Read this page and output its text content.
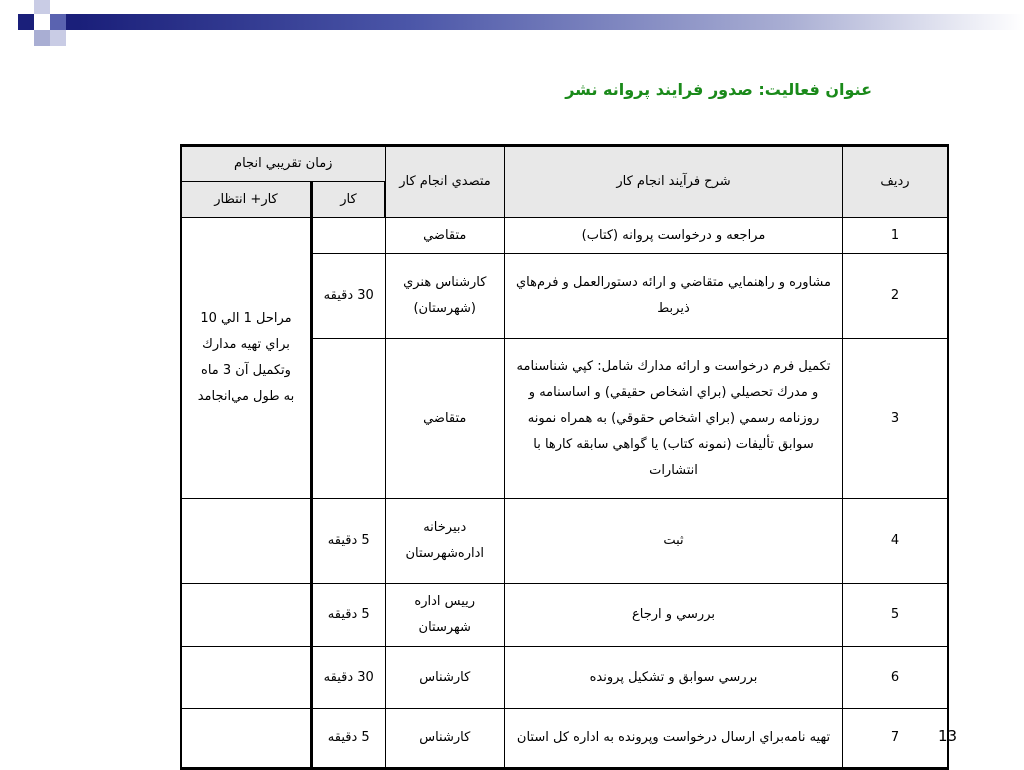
عنوان فعاليت: صدور فرايند پروانه نشر
رديف	شرح فرآيند انجام كار	متصدي انجام كار	زمان تقريبي انجام	
			كار	كار+ انتظار
1	مراجعه و درخواست پروانه (كتاب)	متقاضي		مراحل 1 الي 10 براي تهيه مدارك وتكميل آن 3 ماه به طول مي‌انجامد
2	مشاوره و راهنمايي متقاضي و ارائه دستورالعمل و فرم‌هاي ذيربط	كارشناس هنري (شهرستان)	30 دقيقه	
3	تكميل فرم درخواست و ارائه مدارك شامل: كپي شناسنامه و مدرك تحصيلي (براي اشخاص حقيقي) و اساسنامه و روزنامه رسمي (براي اشخاص حقوقي) به همراه نمونه سوابق تأليفات (نمونه كتاب) يا گواهي سابقه كارها با انتشارات	متقاضي		
4	ثبت	دبيرخانه اداره‌شهرستان	5 دقيقه	
5	بررسي و ارجاع	رييس اداره شهرستان	5 دقيقه	
6	بررسي سوابق و تشكيل پرونده	كارشناس	30 دقيقه	
7	تهيه نامه‌براي ارسال درخواست وپرونده به اداره كل استان	كارشناس	5 دقيقه		13
